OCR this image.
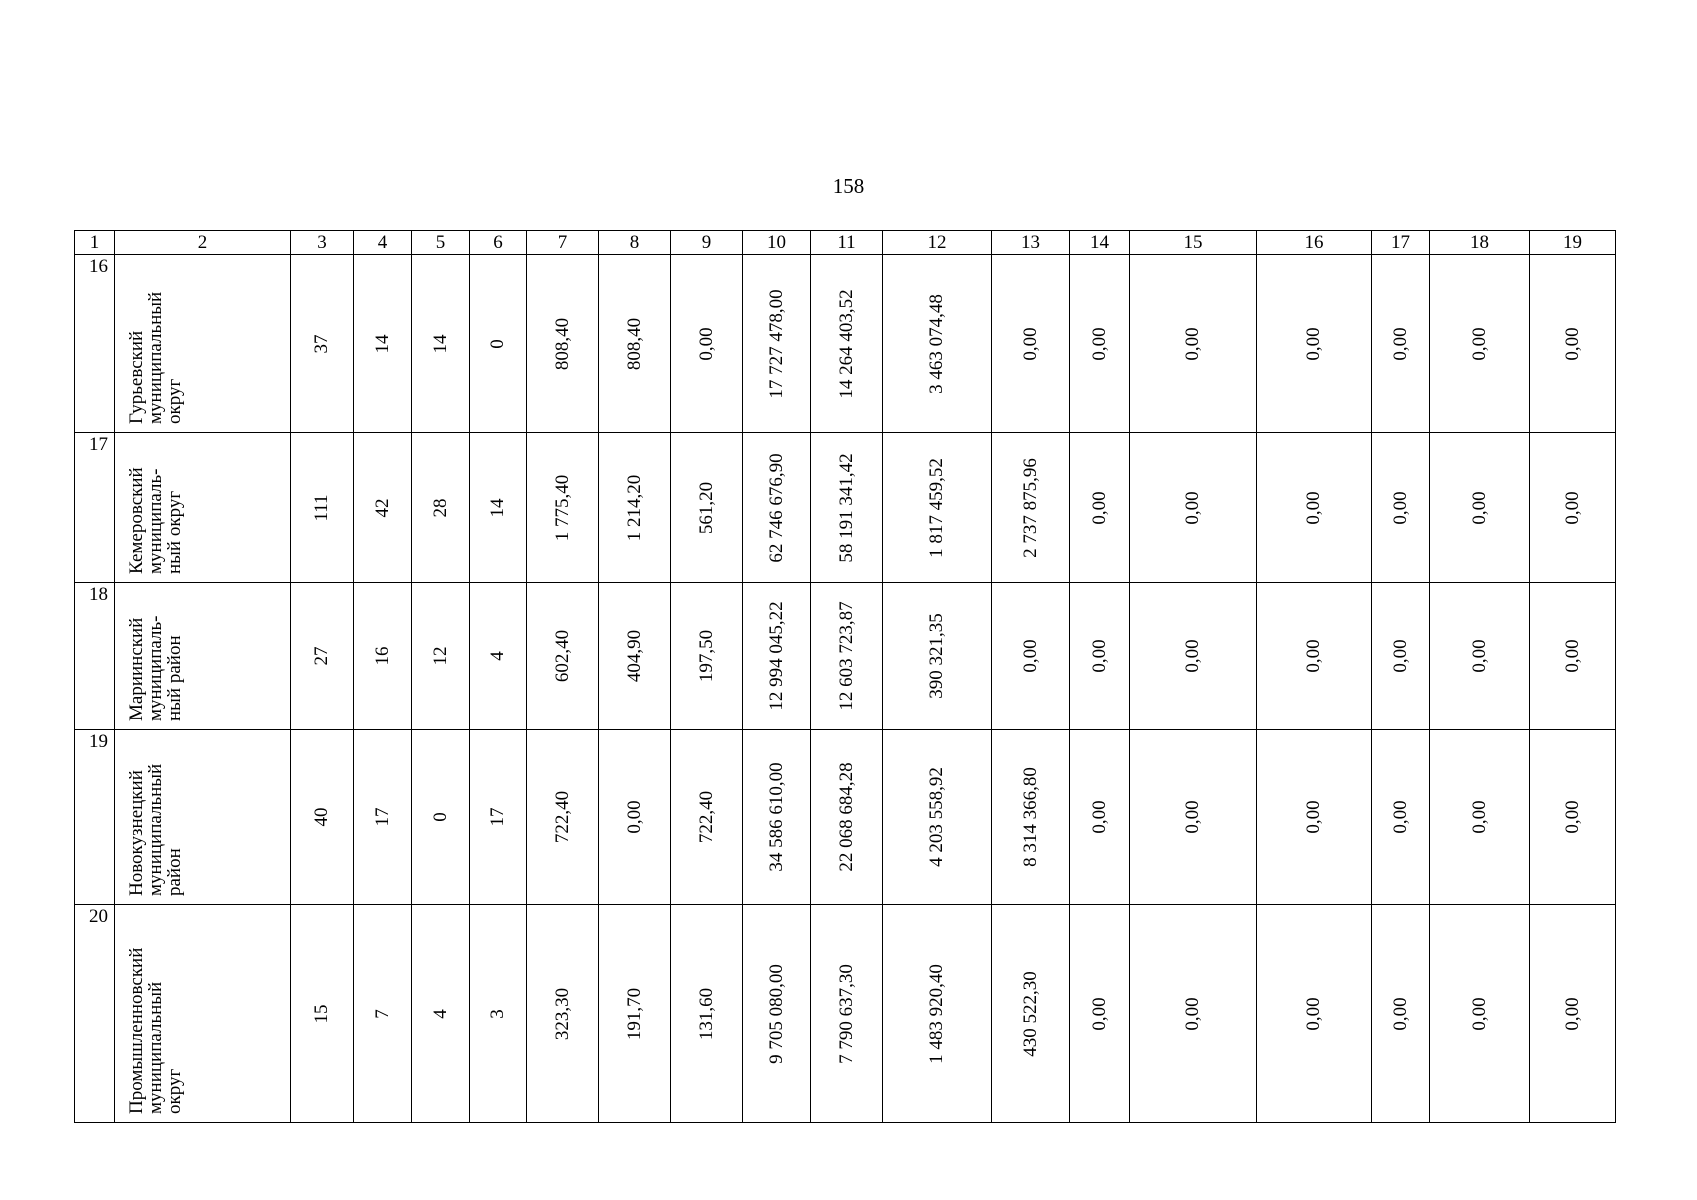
158
1	2	3	4	5	6	7	8	9	10	11	12	13	14	15	16	17	18	19

16	Гурьевский
муниципальный
округ	37	14	14	0	808,40	808,40	0,00	17 727 478,00	14 264 403,52	3 463 074,48	0,00	0,00	0,00	0,00	0,00	0,00	0,00

17	Кемеровский
муниципаль-
ный округ	111	42	28	14	1 775,40	1 214,20	561,20	62 746 676,90	58 191 341,42	1 817 459,52	2 737 875,96	0,00	0,00	0,00	0,00	0,00	0,00

18	Мариинский
муниципаль-
ный район	27	16	12	4	602,40	404,90	197,50	12 994 045,22	12 603 723,87	390 321,35	0,00	0,00	0,00	0,00	0,00	0,00	0,00

19	Новокузнецкий
муниципальный
район	40	17	0	17	722,40	0,00	722,40	34 586 610,00	22 068 684,28	4 203 558,92	8 314 366,80	0,00	0,00	0,00	0,00	0,00	0,00

20	Промышленновский
муниципальный округ	15	7	4	3	323,30	191,70	131,60	9 705 080,00	7 790 637,30	1 483 920,40	430 522,30	0,00	0,00	0,00	0,00	0,00	0,00
